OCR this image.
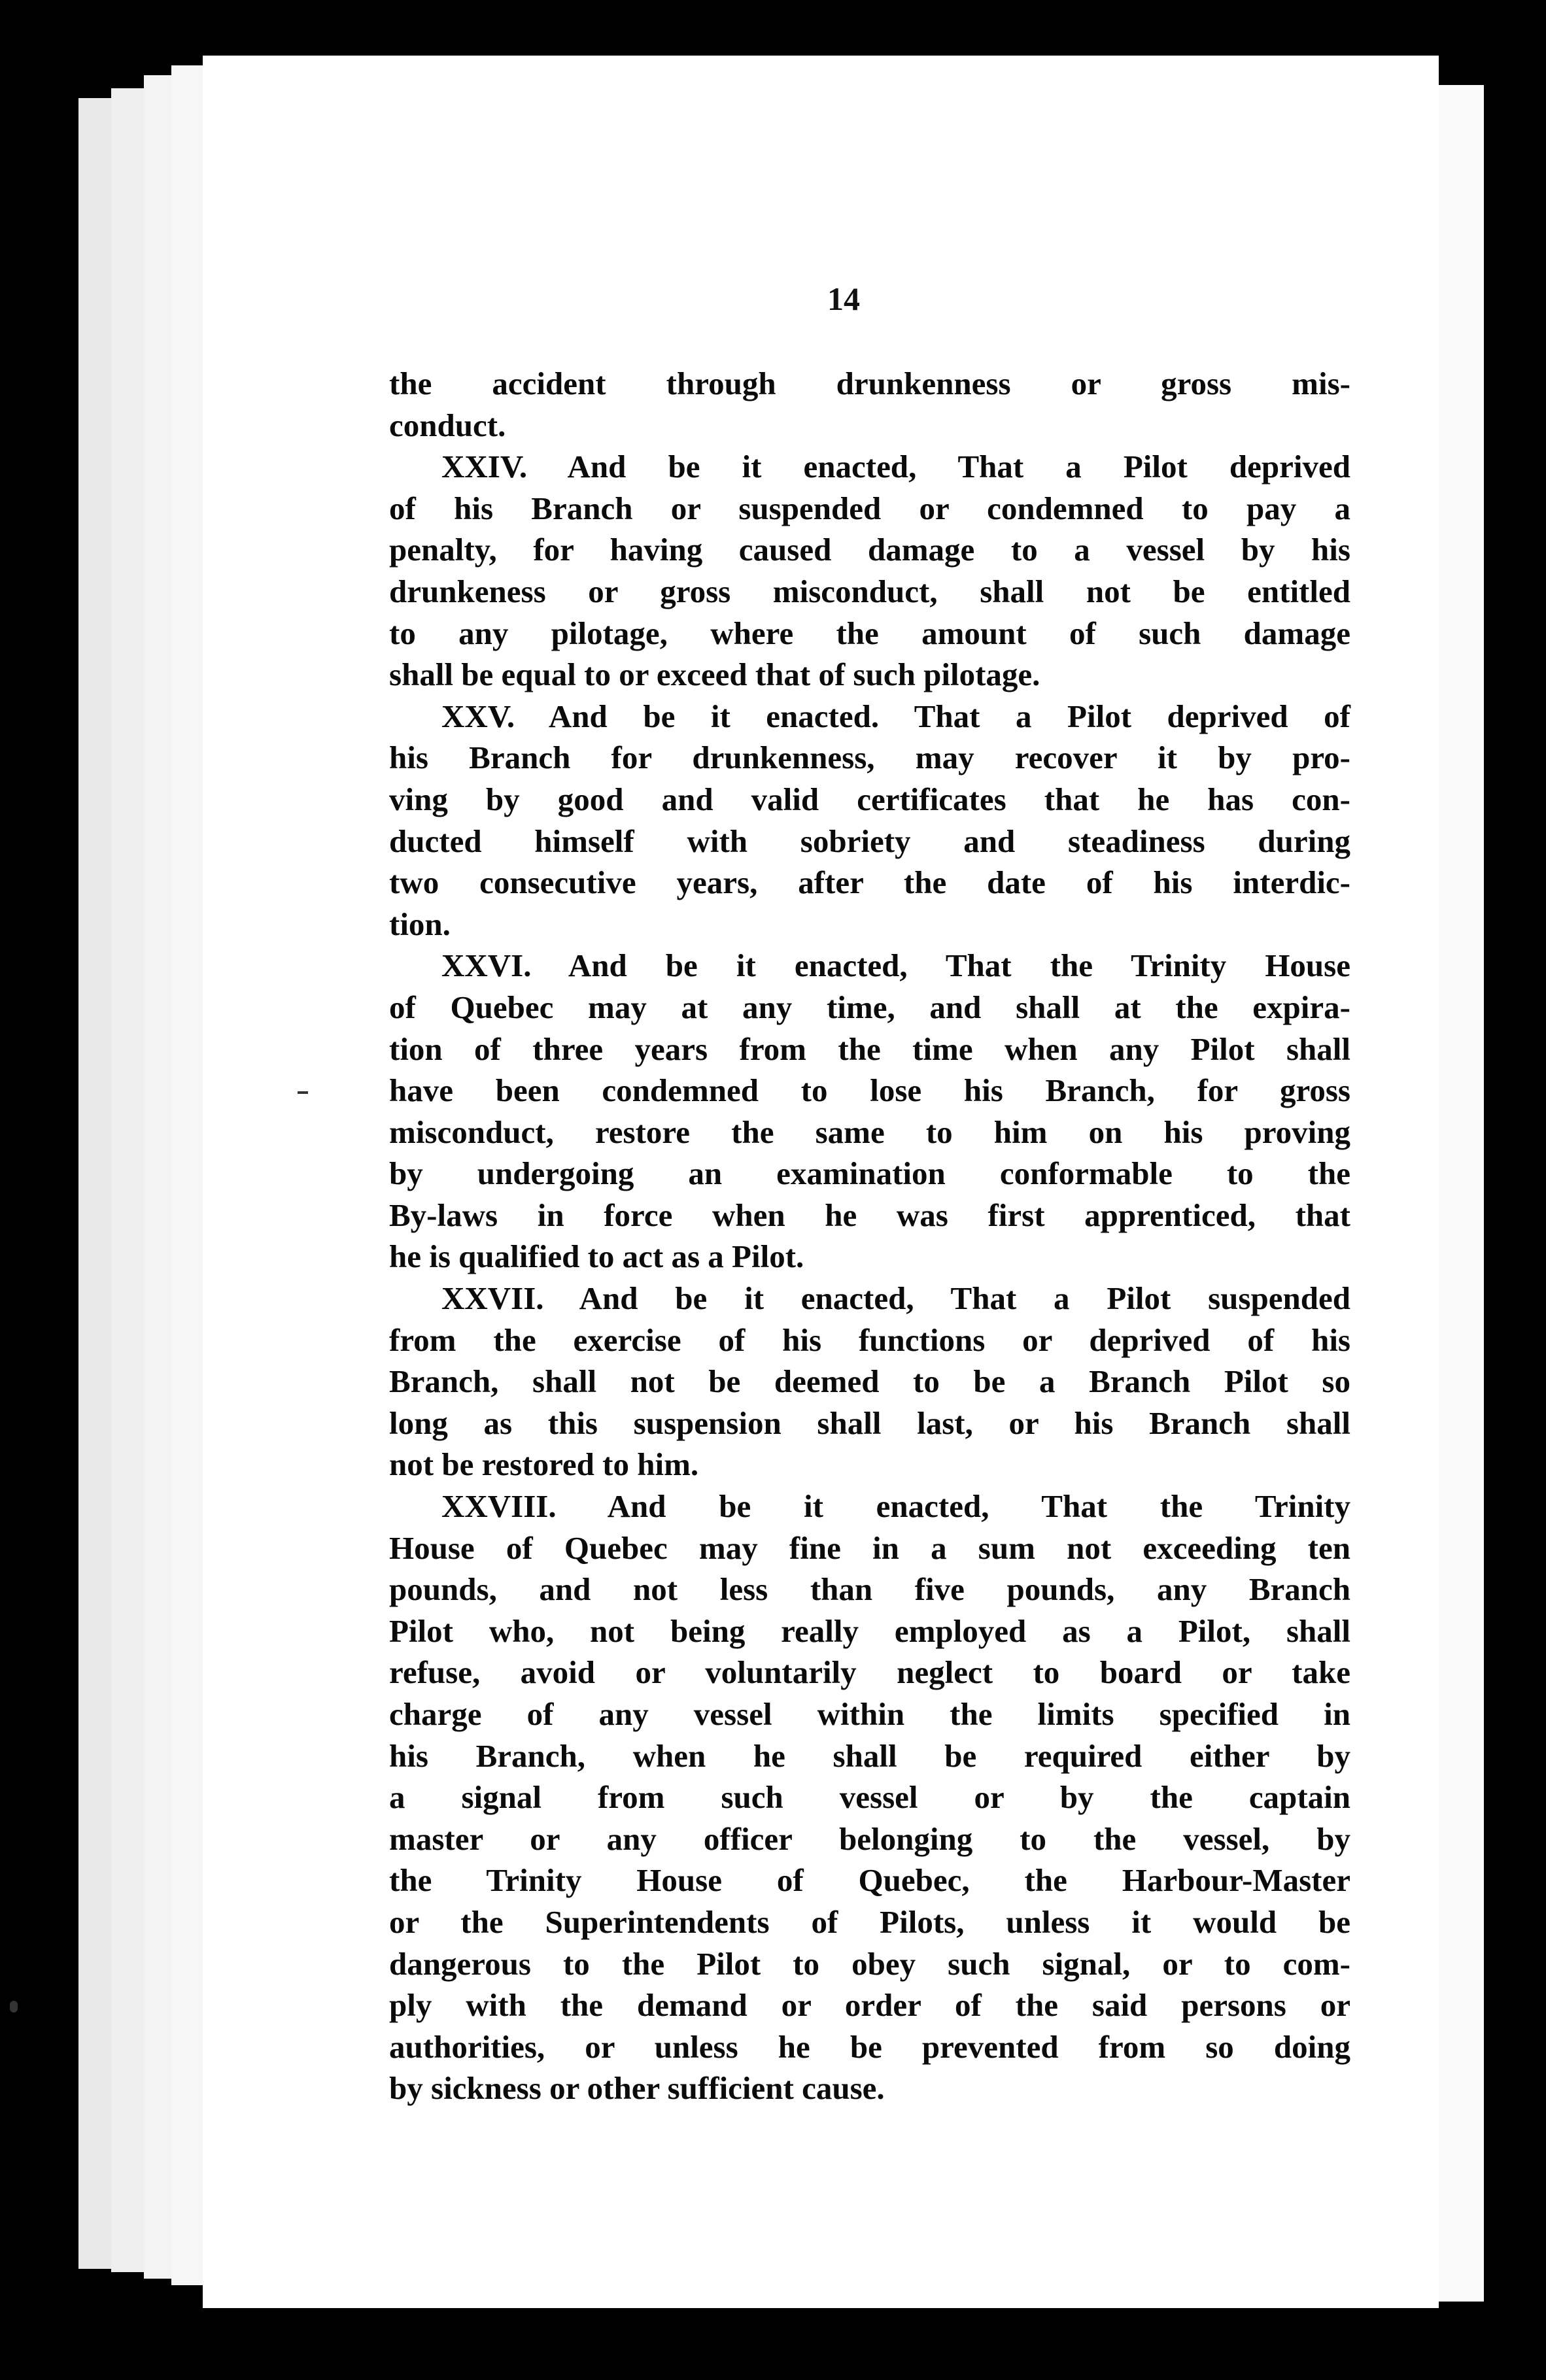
14
the accident through drunkenness or gross mis-
conduct.
XXIV. And be it enacted, That a Pilot deprived
of his Branch or suspended or condemned to pay a
penalty, for having caused damage to a vessel by his
drunkeness or gross misconduct, shall not be entitled
to any pilotage, where the amount of such damage
shall be equal to or exceed that of such pilotage.
XXV. And be it enacted. That a Pilot deprived of
his Branch for drunkenness, may recover it by pro-
ving by good and valid certificates that he has con-
ducted himself with sobriety and steadiness during
two consecutive years, after the date of his interdic-
tion.
XXVI. And be it enacted, That the Trinity House
of Quebec may at any time, and shall at the expira-
tion of three years from the time when any Pilot shall
have been condemned to lose his Branch, for gross
misconduct, restore the same to him on his proving
by undergoing an examination conformable to the
By-laws in force when he was first apprenticed, that
he is qualified to act as a Pilot.
XXVII. And be it enacted, That a Pilot suspended
from the exercise of his functions or deprived of his
Branch, shall not be deemed to be a Branch Pilot so
long as this suspension shall last, or his Branch shall
not be restored to him.
XXVIII. And be it enacted, That the Trinity
House of Quebec may fine in a sum not exceeding ten
pounds, and not less than five pounds, any Branch
Pilot who, not being really employed as a Pilot, shall
refuse, avoid or voluntarily neglect to board or take
charge of any vessel within the limits specified in
his Branch, when he shall be required either by
a signal from such vessel or by the captain
master or any officer belonging to the vessel, by
the Trinity House of Quebec, the Harbour-Master
or the Superintendents of Pilots, unless it would be
dangerous to the Pilot to obey such signal, or to com-
ply with the demand or order of the said persons or
authorities, or unless he be prevented from so doing
by sickness or other sufficient cause.
